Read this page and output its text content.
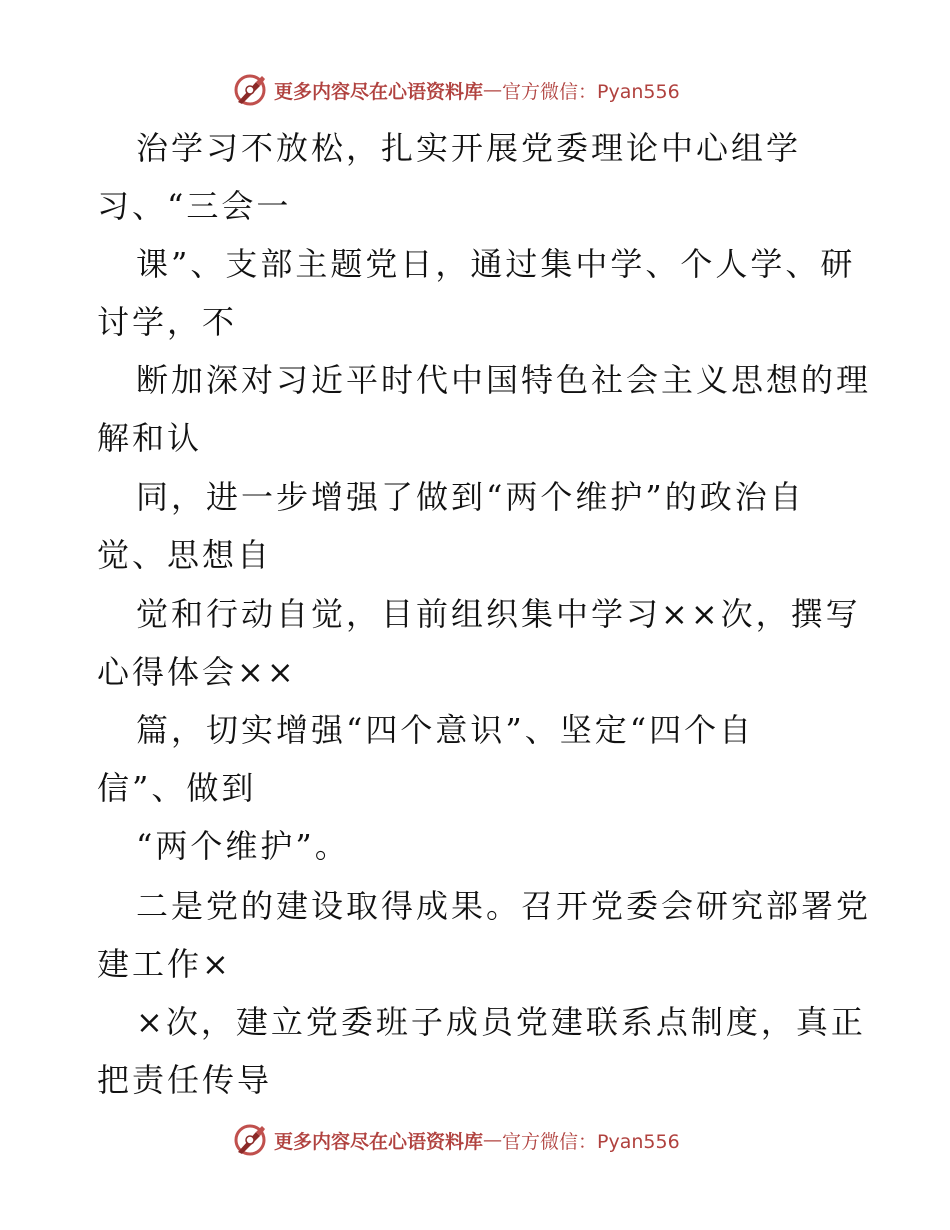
更多内容尽在心语资料库 — 官方微信：Pyan556
治学习不放松，扎实开展党委理论中心组学
习、“三会一
课”、支部主题党日，通过集中学、个人学、研
讨学，不
断加深对习近平时代中国特色社会主义思想的理
解和认
同，进一步增强了做到“两个维护”的政治自
觉、思想自
觉和行动自觉，目前组织集中学习××次，撰写
心得体会××
篇，切实增强“四个意识”、坚定“四个自
信”、做到
“两个维护”。
二是党的建设取得成果。召开党委会研究部署党
建工作×
×次，建立党委班子成员党建联系点制度，真正
把责任传导
更多内容尽在心语资料库 — 官方微信：Pyan556
